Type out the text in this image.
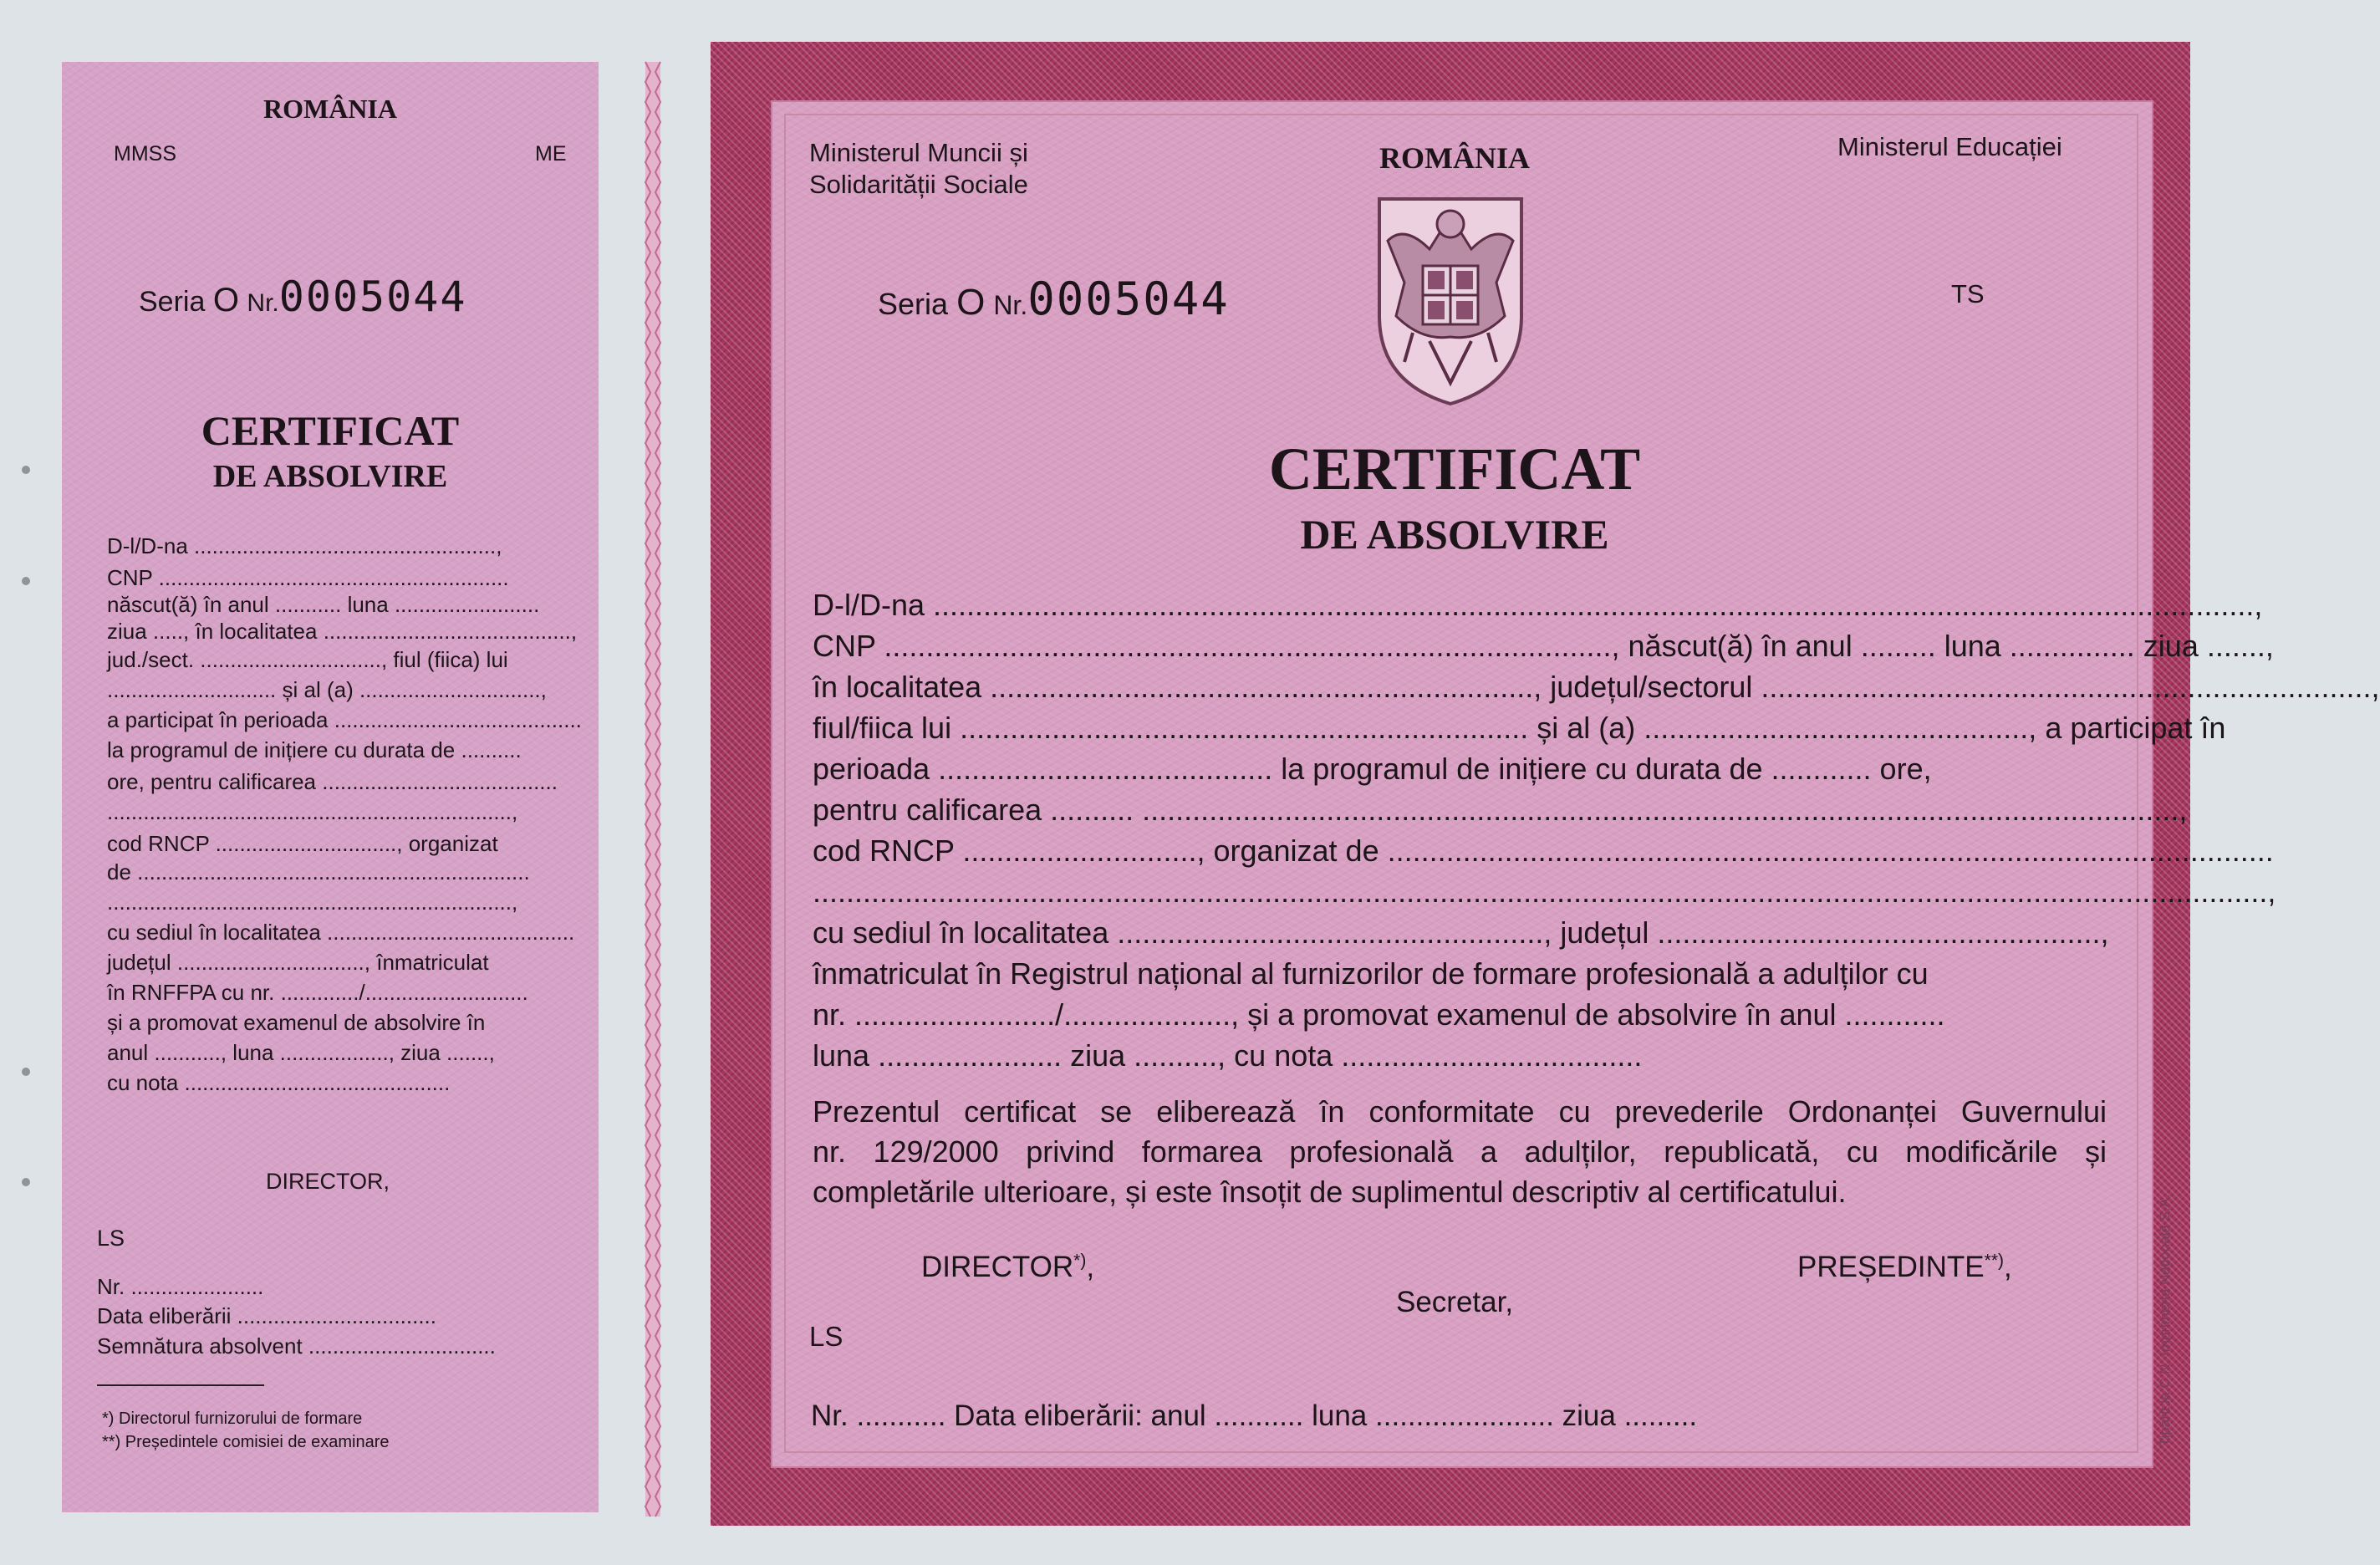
ROMÂNIA
MMSS	ME
Seria O Nr.0005044
CERTIFICAT
DE ABSOLVIRE
D-l/D-na ..................................................,
CNP ..........................................................
născut(ă) în anul ........... luna ........................
ziua ....., în localitatea .........................................,
jud./sect. .............................., fiul (fiica) lui
............................ și al (a) ..............................,
a participat în perioada .........................................
la programul de inițiere cu durata de ..........
ore, pentru calificarea .......................................
...................................................................,
cod RNCP .............................., organizat
de .................................................................
...................................................................,
cu sediul în localitatea .........................................
județul ..............................., înmatriculat
în RNFFPA cu nr. ............./...........................
și a promovat examenul de absolvire în
anul ..........., luna .................., ziua .......,
cu nota ............................................
DIRECTOR,
LS
Nr. ......................
Data eliberării .................................
Semnătura absolvent ...............................
*) Directorul furnizorului de formare
**) Președintele comisiei de examinare
Ministerul Muncii și
Solidarității Sociale
ROMÂNIA	Ministerul Educației
Seria O Nr.0005044	TS
CERTIFICAT
DE ABSOLVIRE
D-l/D-na ..............................................................................................................................................................,
CNP ......................................................................................., născut(ă) în anul ......... luna ............... ziua .......,
în localitatea ................................................................., județul/sectorul .........................................................................,
fiul/fiica lui .................................................................... și al (a) .............................................., a participat în
perioada ........................................ la programul de inițiere cu durata de ............ ore,
pentru calificarea .......... ............................................................................................................................,
cod RNCP ............................, organizat de ..........................................................................................................
..............................................................................................................................................................................,
cu sediul în localitatea ..................................................., județul .....................................................,
înmatriculat în Registrul național al furnizorilor de formare profesională a adulților cu
nr. ......................../...................., și a promovat examenul de absolvire în anul ............
luna ...................... ziua .........., cu nota ....................................
Prezentul certificat se eliberează în conformitate cu prevederile Ordonanței Guvernului
nr. 129/2000 privind formarea profesională a adulților, republicată, cu modificările și
completările ulterioare, și este însoțit de suplimentul descriptiv al certificatului.
DIRECTOR*),
Secretar,
PREȘEDINTE**),
LS
Nr. ........... Data eliberării: anul ........... luna ...................... ziua .........	Tipărit la C.N. Imprimeria Națională S.A.
